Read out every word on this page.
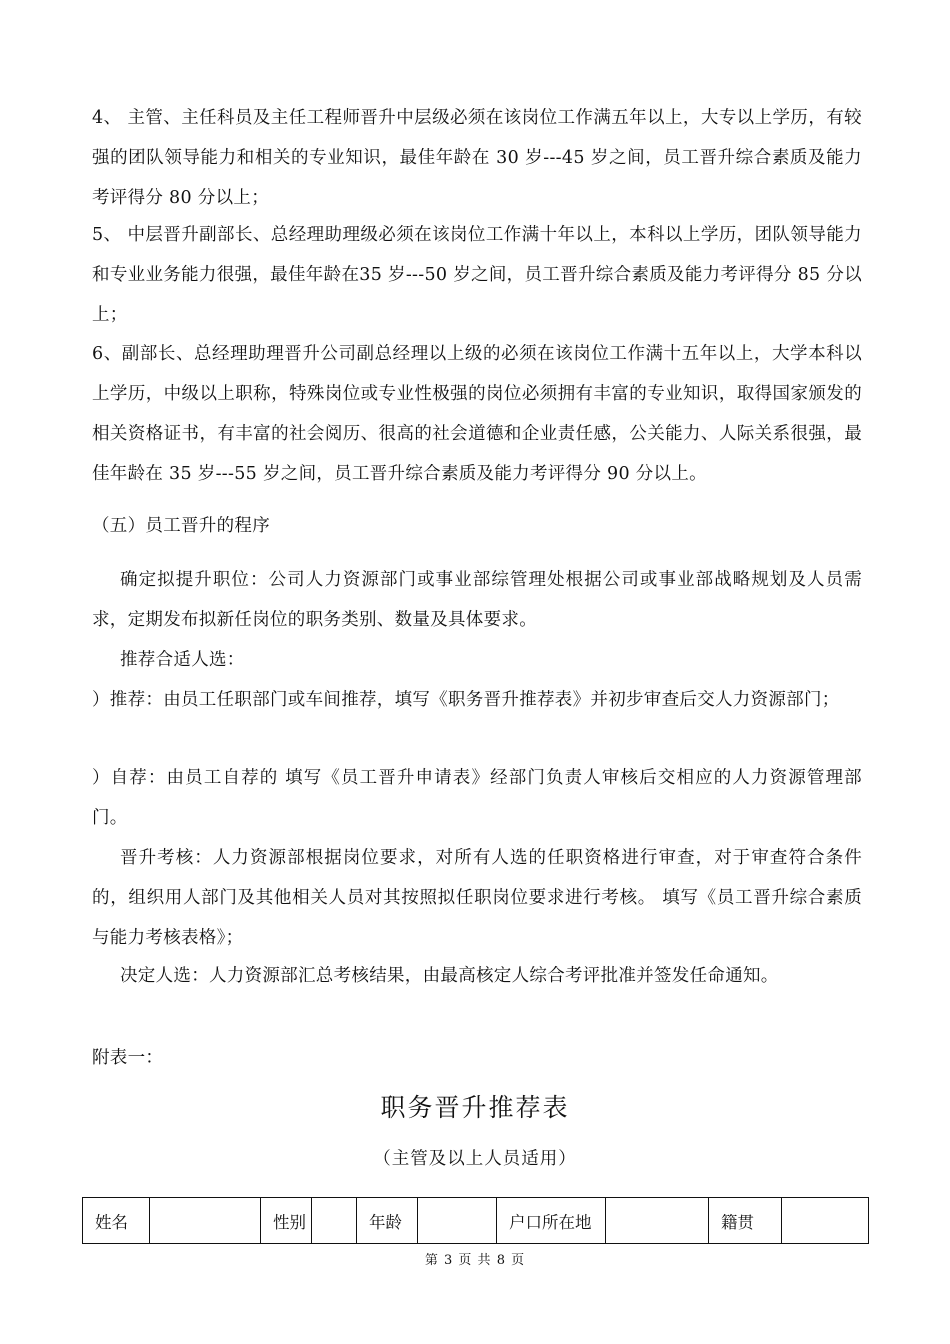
4、 主管、主任科员及主任工程师晋升中层级必须在该岗位工作满五年以上，大专以上学历，有较强的团队领导能力和相关的专业知识，最佳年龄在 30 岁---45 岁之间，员工晋升综合素质及能力考评得分 80 分以上；
5、 中层晋升副部长、总经理助理级必须在该岗位工作满十年以上，本科以上学历，团队领导能力和专业业务能力很强，最佳年龄在35 岁---50 岁之间，员工晋升综合素质及能力考评得分 85 分以上；
6、副部长、总经理助理晋升公司副总经理以上级的必须在该岗位工作满十五年以上，大学本科以上学历，中级以上职称，特殊岗位或专业性极强的岗位必须拥有丰富的专业知识，取得国家颁发的相关资格证书，有丰富的社会阅历、很高的社会道德和企业责任感，公关能力、人际关系很强，最佳年龄在 35 岁---55 岁之间，员工晋升综合素质及能力考评得分 90 分以上。
（五）员工晋升的程序
确定拟提升职位：公司人力资源部门或事业部综管理处根据公司或事业部战略规划及人员需求，定期发布拟新任岗位的职务类别、数量及具体要求。
推荐合适人选：
）推荐：由员工任职部门或车间推荐，填写《职务晋升推荐表》并初步审查后交人力资源部门；
）自荐：由员工自荐的 填写《员工晋升申请表》经部门负责人审核后交相应的人力资源管理部门。
晋升考核：人力资源部根据岗位要求，对所有人选的任职资格进行审查，对于审查符合条件的，组织用人部门及其他相关人员对其按照拟任职岗位要求进行考核。 填写《员工晋升综合素质与能力考核表格》；
决定人选：人力资源部汇总考核结果，由最高核定人综合考评批准并签发任命通知。
附表一：
职务晋升推荐表
（主管及以上人员适用）
姓名		性别		年龄		户口所在地		籍贯	
第 3 页 共 8 页
